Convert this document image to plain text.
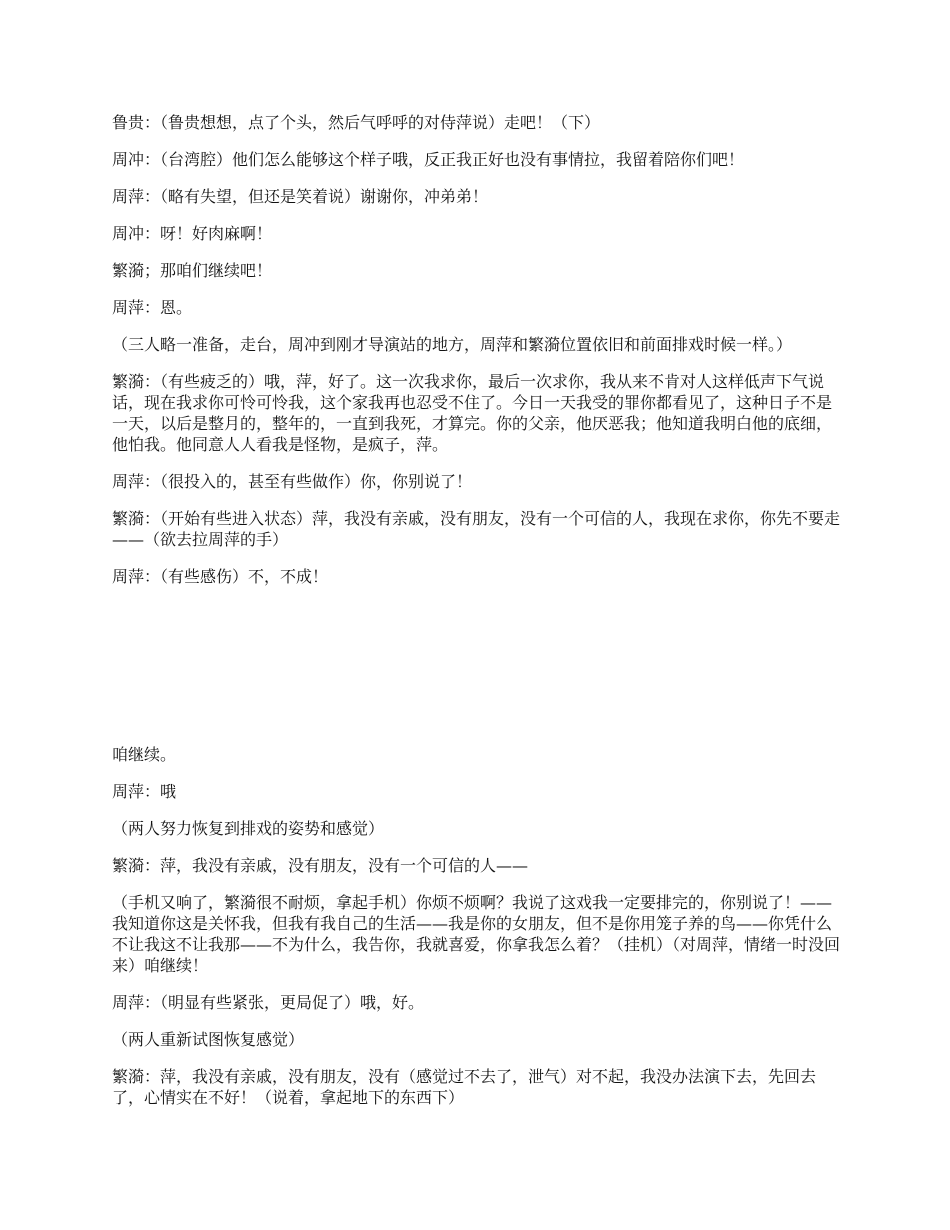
鲁贵：（鲁贵想想，点了个头，然后气呼呼的对侍萍说）走吧！（下）

周冲：（台湾腔）他们怎么能够这个样子哦，反正我正好也没有事情拉，我留着陪你们吧！

周萍：（略有失望，但还是笑着说）谢谢你，冲弟弟！

周冲：呀！好肉麻啊！

繁漪；那咱们继续吧！

周萍：恩。

（三人略一准备，走台，周冲到刚才导演站的地方，周萍和繁漪位置依旧和前面排戏时候一样。）

繁漪：（有些疲乏的）哦，萍，好了。这一次我求你，最后一次求你，我从来不肯对人这样低声下气说话，现在我求你可怜可怜我，这个家我再也忍受不住了。今日一天我受的罪你都看见了，这种日子不是一天，以后是整月的，整年的，一直到我死，才算完。你的父亲，他厌恶我；他知道我明白他的底细，他怕我。他同意人人看我是怪物，是疯子，萍。

周萍：（很投入的，甚至有些做作）你，你别说了！

繁漪：（开始有些进入状态）萍，我没有亲戚，没有朋友，没有一个可信的人，我现在求你，你先不要走——（欲去拉周萍的手）

周萍：（有些感伤）不，不成！

咱继续。

周萍：哦

（两人努力恢复到排戏的姿势和感觉）

繁漪：萍，我没有亲戚，没有朋友，没有一个可信的人——

（手机又响了，繁漪很不耐烦，拿起手机）你烦不烦啊？我说了这戏我一定要排完的，你别说了！——我知道你这是关怀我，但我有我自己的生活——我是你的女朋友，但不是你用笼子养的鸟——你凭什么不让我这不让我那——不为什么，我告你，我就喜爱，你拿我怎么着？（挂机）（对周萍，情绪一时没回来）咱继续！

周萍：（明显有些紧张，更局促了）哦，好。

（两人重新试图恢复感觉）

繁漪：萍，我没有亲戚，没有朋友，没有（感觉过不去了，泄气）对不起，我没办法演下去，先回去了，心情实在不好！（说着，拿起地下的东西下）
